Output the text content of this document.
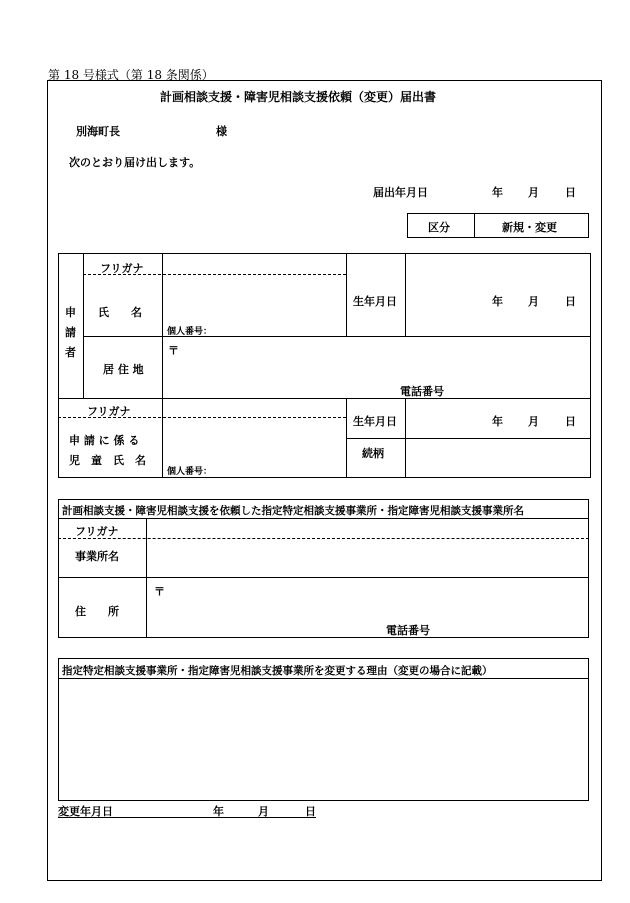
第 18 号様式（第 18 条関係）
計画相談支援・障害児相談支援依頼（変更）届出書
別海町長	様
次のとおり届け出します。
届出年月日	年 月 日
区分	新規・変更
申
請
者
フリガナ
氏　　名
個人番号：
生年月日	年 月 日
〒
居 住 地
電話番号
フリガナ
申 請 に 係 る
児　童　氏　名
個人番号：
生年月日	年 月 日
続柄
計画相談支援・障害児相談支援を依頼した指定特定相談支援事業所・指定障害児相談支援事業所名
フリガナ
事業所名
〒
住　　所
電話番号
指定特定相談支援事業所・指定障害児相談支援事業所を変更する理由（変更の場合に記載）
変更年月日	年	月	日
